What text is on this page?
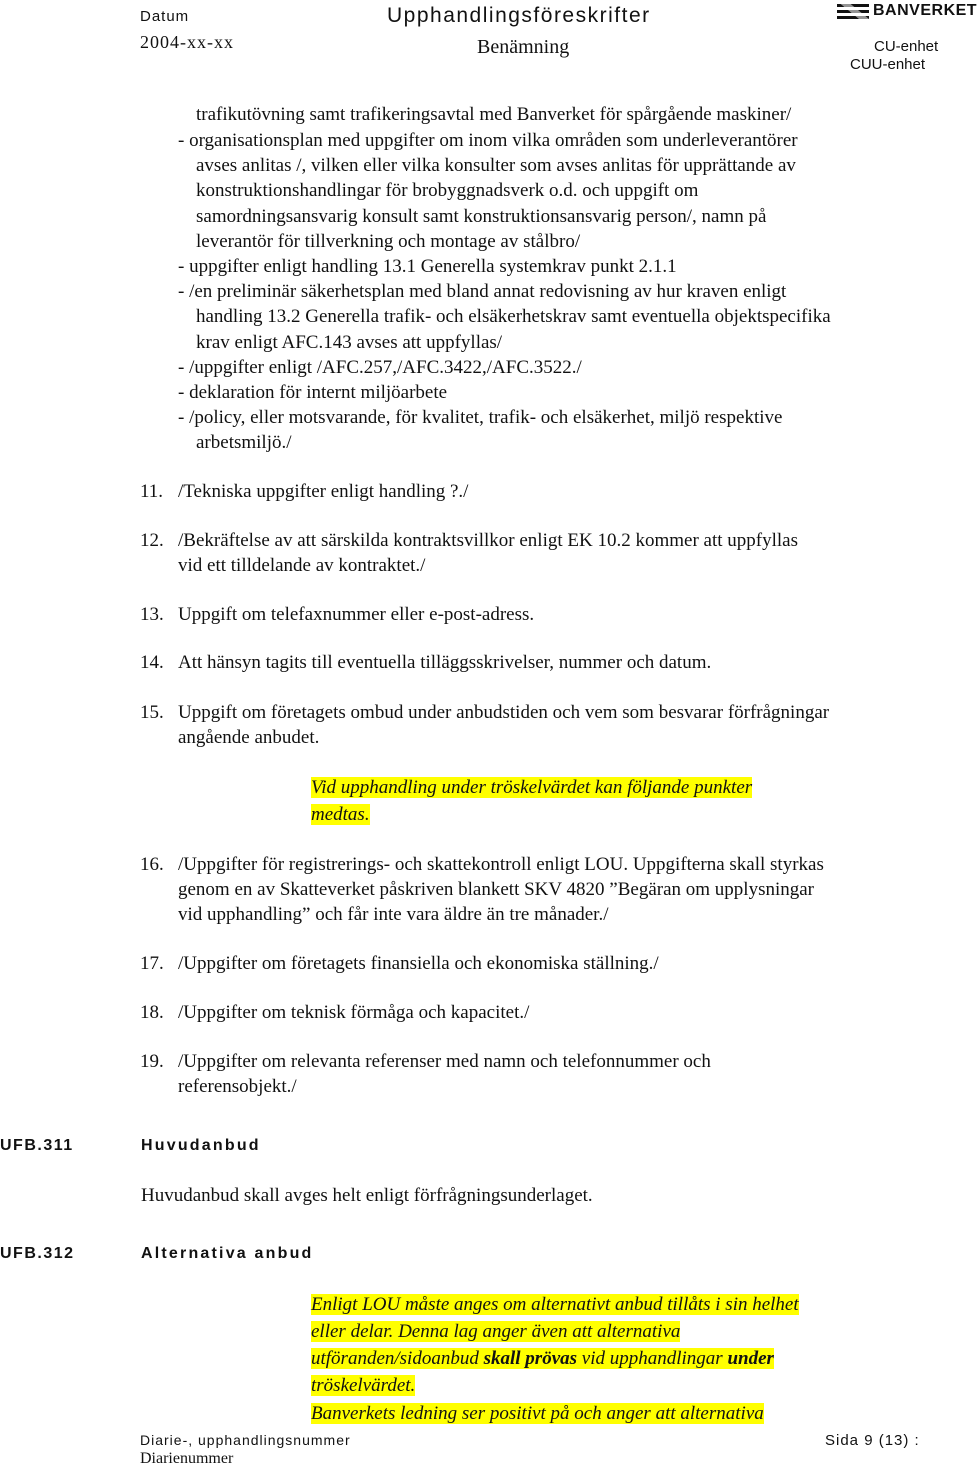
Datum
2004-xx-xx
Upphandlingsföreskrifter
Benämning
BANVERKET
CU-enhet
CUU-enhet
trafikutövning samt trafikeringsavtal med Banverket för spårgående maskiner/
- organisationsplan med uppgifter om inom vilka områden som underleverantörer
avses anlitas /, vilken eller vilka konsulter som avses anlitas för upprättande av
konstruktionshandlingar för brobyggnadsverk o.d. och uppgift om
samordningsansvarig konsult samt konstruktionsansvarig person/, namn på
leverantör för tillverkning och montage av stålbro/
- uppgifter enligt handling 13.1 Generella systemkrav punkt 2.1.1
- /en preliminär säkerhetsplan med bland annat redovisning av hur kraven enligt
handling 13.2 Generella trafik- och elsäkerhetskrav samt eventuella objektspecifika
krav enligt AFC.143 avses att uppfyllas/
- /uppgifter enligt /AFC.257,/AFC.3422,/AFC.3522./
- deklaration för internt miljöarbete
- /policy, eller motsvarande, för kvalitet, trafik- och elsäkerhet, miljö respektive
arbetsmiljö./
11. /Tekniska uppgifter enligt handling ?./
12. /Bekräftelse av att särskilda kontraktsvillkor enligt EK 10.2 kommer att uppfyllas
vid ett tilldelande av kontraktet./
13. Uppgift om telefaxnummer eller e-post-adress.
14. Att hänsyn tagits till eventuella tilläggsskrivelser, nummer och datum.
15. Uppgift om företagets ombud under anbudstiden och vem som besvarar förfrågningar
angående anbudet.
Vid upphandling under tröskelvärdet kan följande punkter
medtas.
16. /Uppgifter för registrerings- och skattekontroll enligt LOU. Uppgifterna skall styrkas
genom en av Skatteverket påskriven blankett SKV 4820 ”Begäran om upplysningar
vid upphandling” och får inte vara äldre än tre månader./
17. /Uppgifter om företagets finansiella och ekonomiska ställning./
18. /Uppgifter om teknisk förmåga och kapacitet./
19. /Uppgifter om relevanta referenser med namn och telefonnummer och
referensobjekt./
UFB.311	Huvudanbud
Huvudanbud skall avges helt enligt förfrågningsunderlaget.
UFB.312	Alternativa anbud
Enligt LOU måste anges om alternativt anbud tillåts i sin helhet
eller delar. Denna lag anger även att alternativa
utföranden/sidoanbud skall prövas vid upphandlingar under
tröskelvärdet.
Banverkets ledning ser positivt på och anger att alternativa
Diarie-, upphandlingsnummer
Diarienummer
Sida 9 (13) :
